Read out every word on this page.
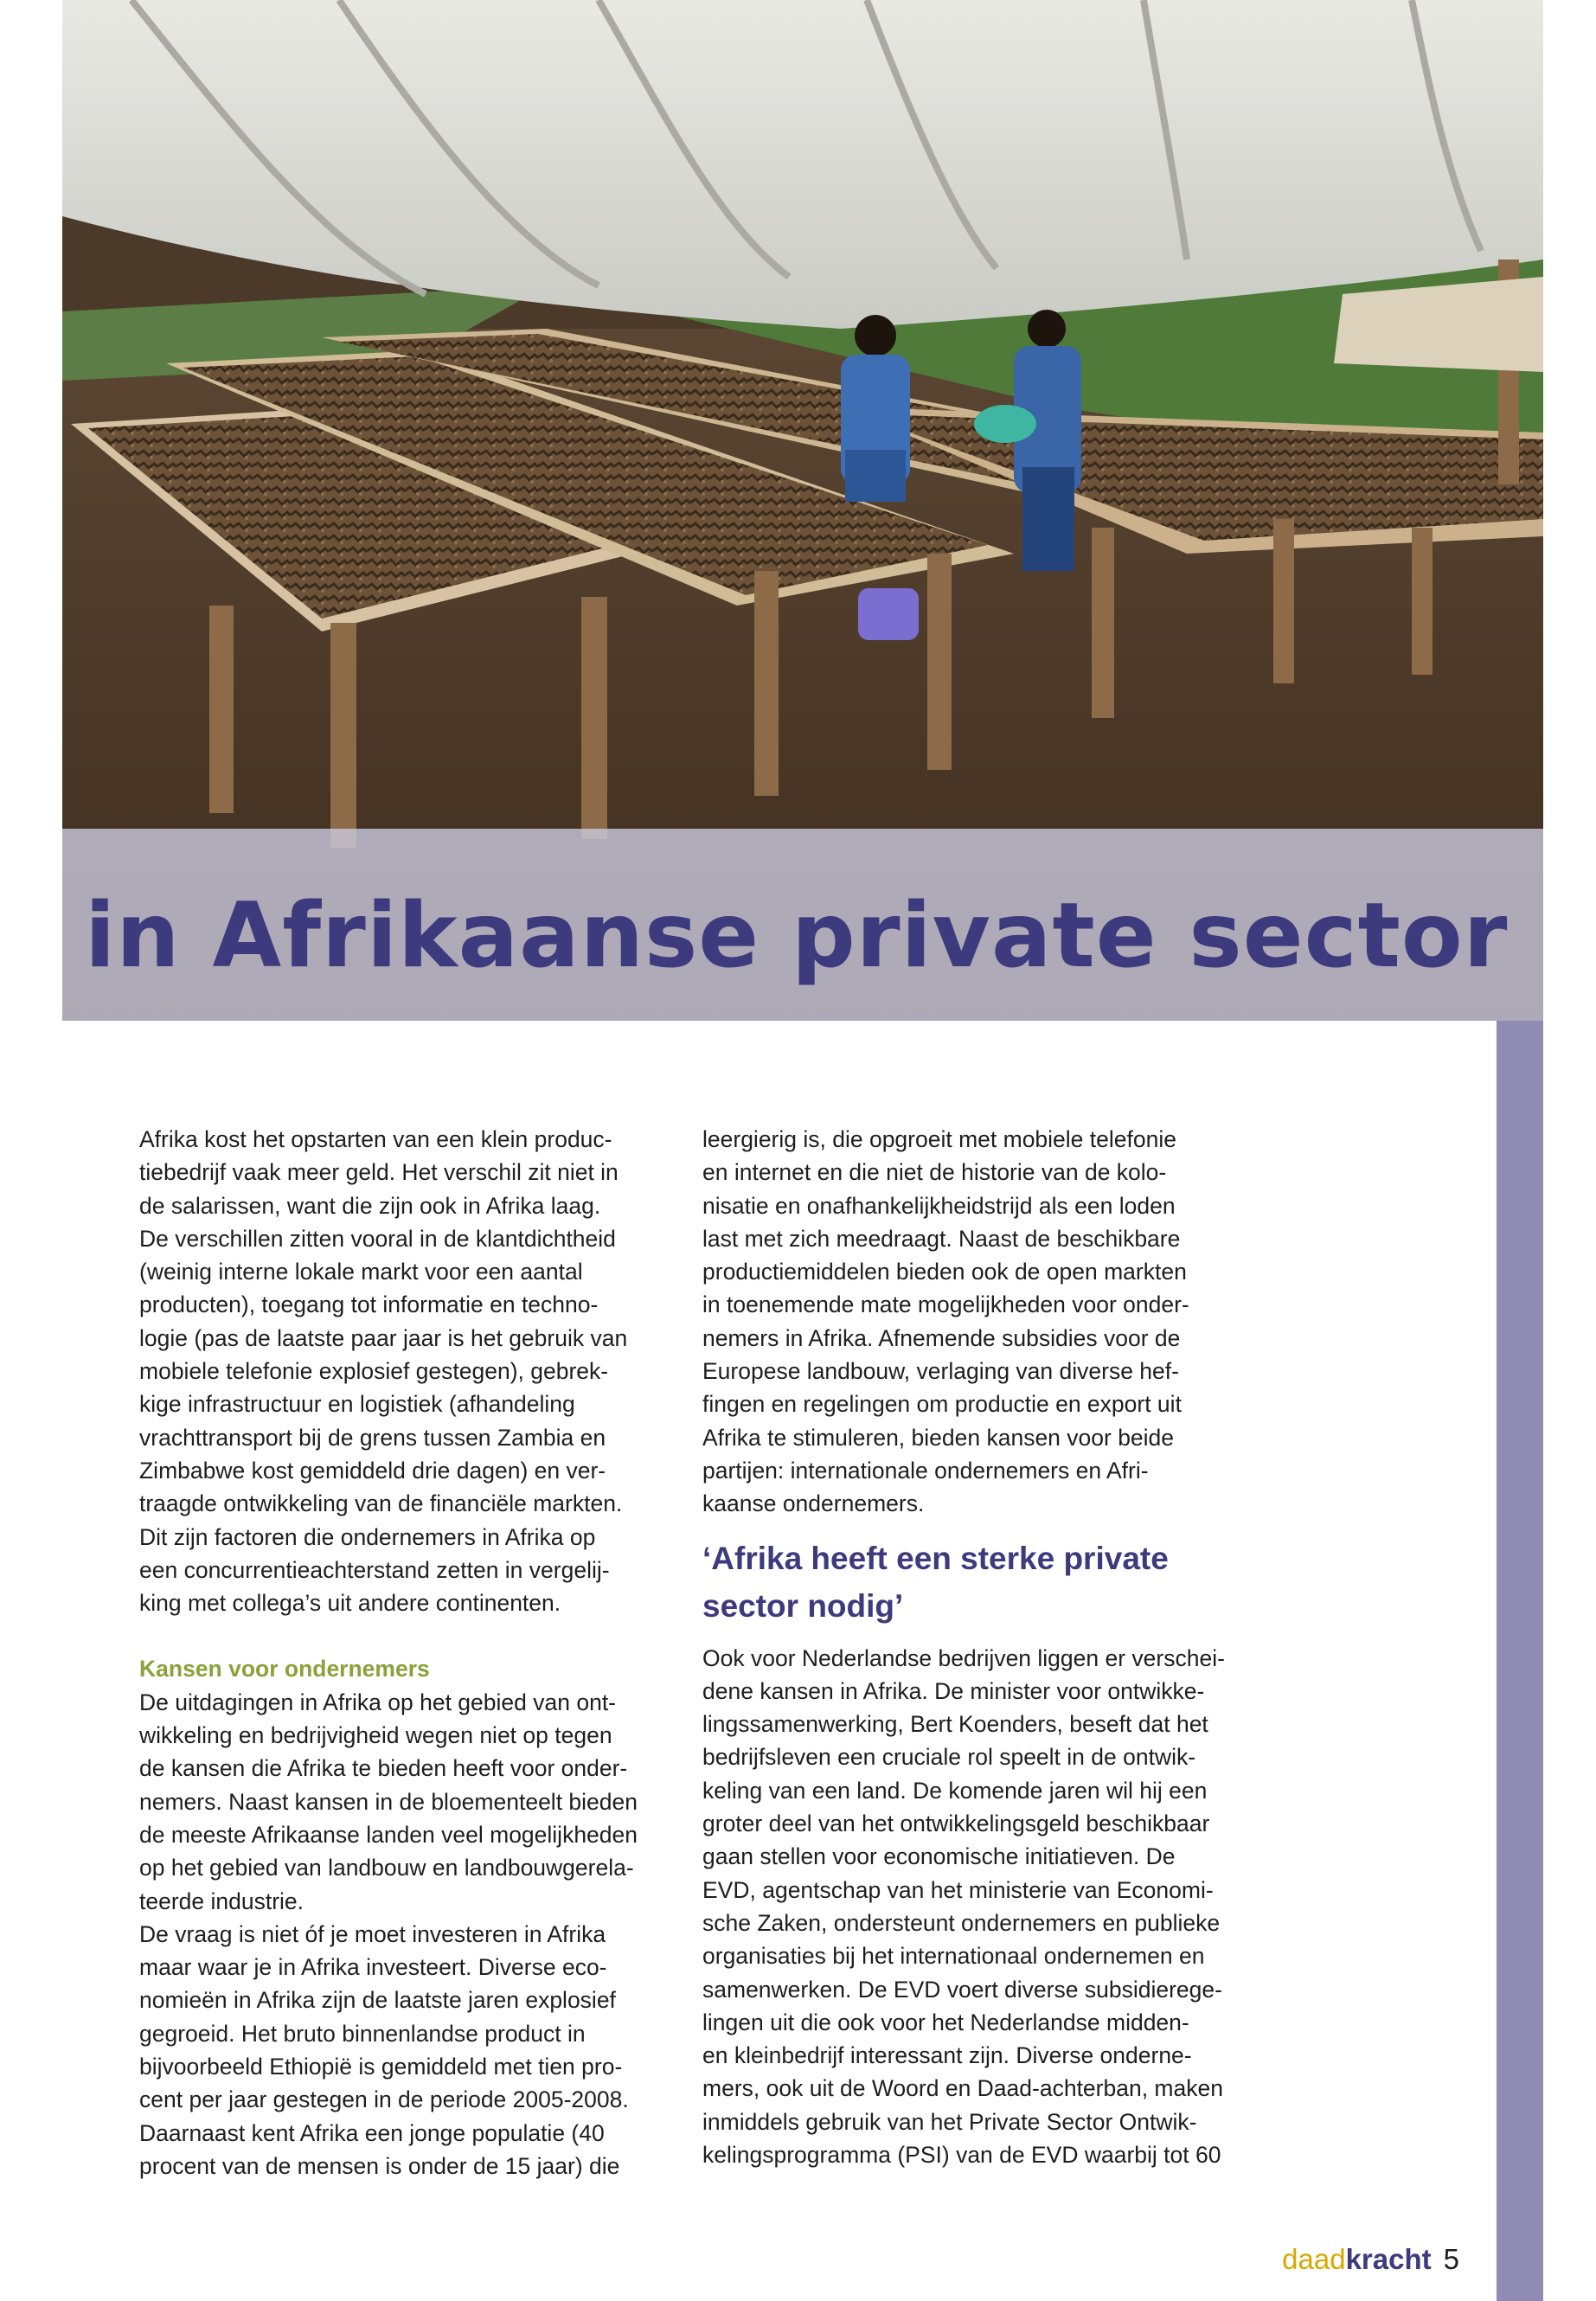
in Afrikaanse private sector

Afrika kost het opstarten van een klein produc-
tiebedrijf vaak meer geld. Het verschil zit niet in
de salarissen, want die zijn ook in Afrika laag.
De verschillen zitten vooral in de klantdichtheid
(weinig interne lokale markt voor een aantal
producten), toegang tot informatie en techno-
logie (pas de laatste paar jaar is het gebruik van
mobiele telefonie explosief gestegen), gebrek-
kige infrastructuur en logistiek (afhandeling
vrachttransport bij de grens tussen Zambia en
Zimbabwe kost gemiddeld drie dagen) en ver-
traagde ontwikkeling van de financiële markten.
Dit zijn factoren die ondernemers in Afrika op
een concurrentieachterstand zetten in vergelij-
king met collega’s uit andere continenten.

Kansen voor ondernemers

De uitdagingen in Afrika op het gebied van ont-
wikkeling en bedrijvigheid wegen niet op tegen
de kansen die Afrika te bieden heeft voor onder-
nemers. Naast kansen in de bloementeelt bieden
de meeste Afrikaanse landen veel mogelijkheden
op het gebied van landbouw en landbouwgerela-
teerde industrie.

De vraag is niet óf je moet investeren in Afrika
maar waar je in Afrika investeert. Diverse eco-
nomieën in Afrika zijn de laatste jaren explosief
gegroeid. Het bruto binnenlandse product in
bijvoorbeeld Ethiopië is gemiddeld met tien pro-
cent per jaar gestegen in de periode 2005-2008.
Daarnaast kent Afrika een jonge populatie (40
procent van de mensen is onder de 15 jaar) die

leergierig is, die opgroeit met mobiele telefonie
en internet en die niet de historie van de kolo-
nisatie en onafhankelijkheidstrijd als een loden
last met zich meedraagt. Naast de beschikbare
productiemiddelen bieden ook de open markten
in toenemende mate mogelijkheden voor onder-
nemers in Afrika. Afnemende subsidies voor de
Europese landbouw, verlaging van diverse hef-
fingen en regelingen om productie en export uit
Afrika te stimuleren, bieden kansen voor beide
partijen: internationale ondernemers en Afri-
kaanse ondernemers.

‘Afrika heeft een sterke private
sector nodig’

Ook voor Nederlandse bedrijven liggen er verschei-
dene kansen in Afrika. De minister voor ontwikke-
lingssamenwerking, Bert Koenders, beseft dat het
bedrijfsleven een cruciale rol speelt in de ontwik-
keling van een land. De komende jaren wil hij een
groter deel van het ontwikkelingsgeld beschikbaar
gaan stellen voor economische initiatieven. De
EVD, agentschap van het ministerie van Economi-
sche Zaken, ondersteunt ondernemers en publieke
organisaties bij het internationaal ondernemen en
samenwerken. De EVD voert diverse subsidierege-
lingen uit die ook voor het Nederlandse midden-
en kleinbedrijf interessant zijn. Diverse onderne-
mers, ook uit de Woord en Daad-achterban, maken
inmiddels gebruik van het Private Sector Ontwik-
kelingsprogramma (PSI) van de EVD waarbij tot 60

daadkracht 5
